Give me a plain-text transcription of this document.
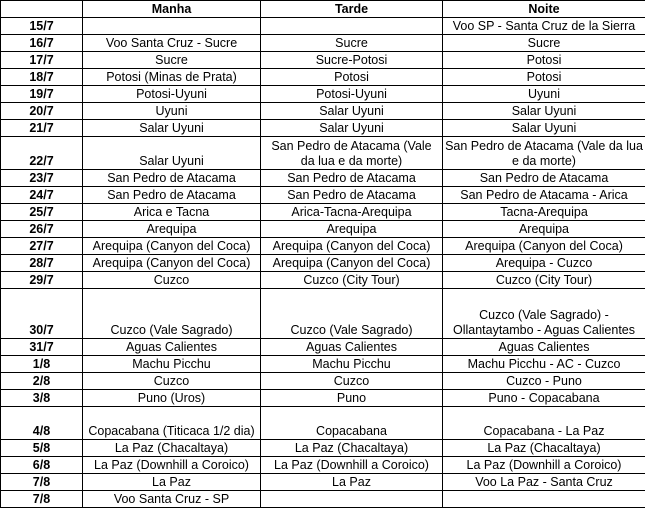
	Manha	Tarde	Noite
15/7			Voo SP - Santa Cruz de la Sierra
16/7	Voo Santa Cruz - Sucre	Sucre	Sucre
17/7	Sucre	Sucre-Potosi	Potosi
18/7	Potosi (Minas de Prata)	Potosi	Potosi
19/7	Potosi-Uyuni	Potosi-Uyuni	Uyuni
20/7	Uyuni	Salar Uyuni	Salar Uyuni
21/7	Salar Uyuni	Salar Uyuni	Salar Uyuni
22/7	Salar Uyuni	San Pedro de Atacama (Vale da lua e da morte)	San Pedro de Atacama (Vale da lua e da morte)
23/7	San Pedro de Atacama	San Pedro de Atacama	San Pedro de Atacama
24/7	San Pedro de Atacama	San Pedro de Atacama	San Pedro de Atacama - Arica
25/7	Arica e Tacna	Arica-Tacna-Arequipa	Tacna-Arequipa
26/7	Arequipa	Arequipa	Arequipa
27/7	Arequipa (Canyon del Coca)	Arequipa (Canyon del Coca)	Arequipa (Canyon del Coca)
28/7	Arequipa (Canyon del Coca)	Arequipa (Canyon del Coca)	Arequipa - Cuzco
29/7	Cuzco	Cuzco (City Tour)	Cuzco (City Tour)
30/7	Cuzco (Vale Sagrado)	Cuzco (Vale Sagrado)	Cuzco (Vale Sagrado) - Ollantaytambo - Aguas Calientes
31/7	Aguas Calientes	Aguas Calientes	Aguas Calientes
1/8	Machu Picchu	Machu Picchu	Machu Picchu - AC - Cuzco
2/8	Cuzco	Cuzco	Cuzco - Puno
3/8	Puno (Uros)	Puno	Puno - Copacabana
4/8	Copacabana (Titicaca 1/2 dia)	Copacabana	Copacabana - La Paz
5/8	La Paz (Chacaltaya)	La Paz (Chacaltaya)	La Paz (Chacaltaya)
6/8	La Paz (Downhill a Coroico)	La Paz (Downhill a Coroico)	La Paz (Downhill a Coroico)
7/8	La Paz	La Paz	Voo La Paz - Santa Cruz
7/8	Voo Santa Cruz - SP		
